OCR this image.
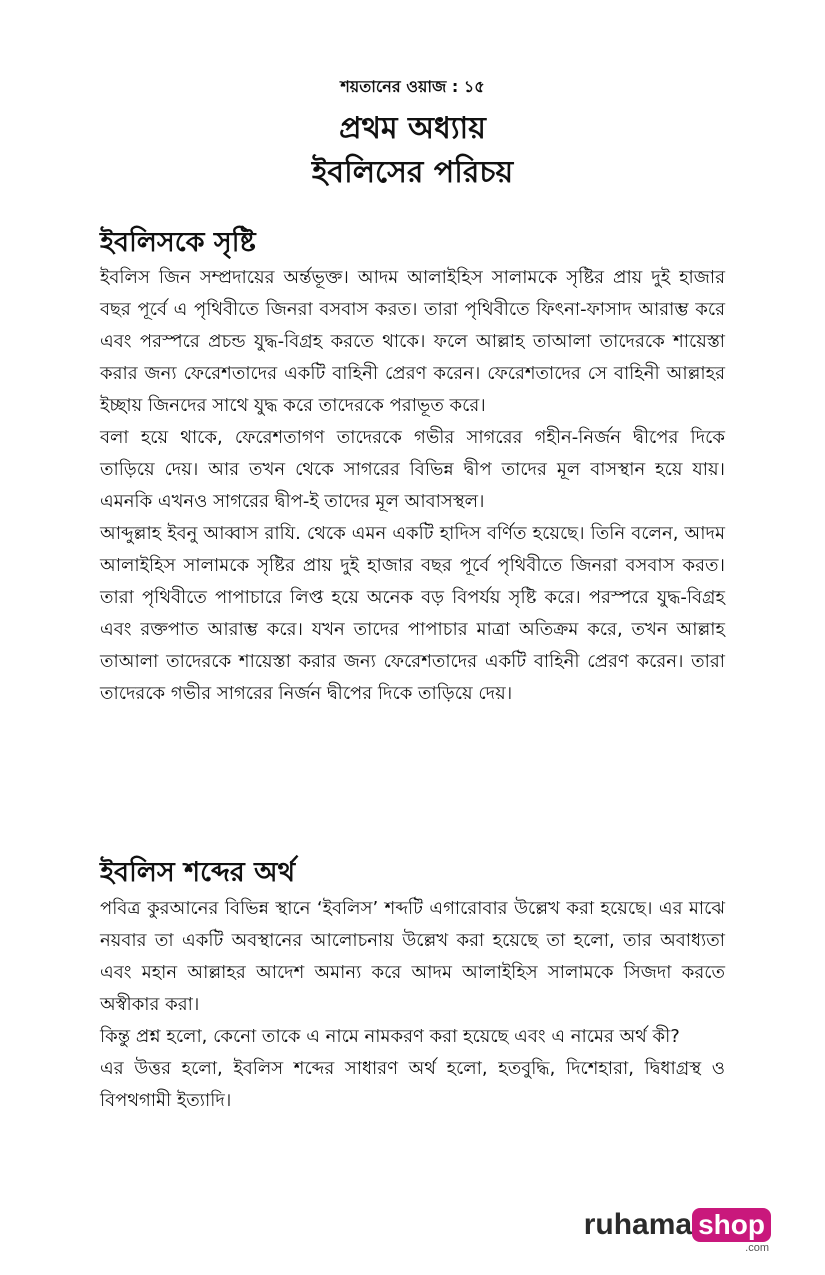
শয়তানের ওয়াজ : ১৫
প্রথম অধ্যায়
ইবলিসের পরিচয়
ইবলিসকে সৃষ্টি

ইবলিস জিন সম্প্রদায়ের অর্ন্তভূক্ত। আদম আলাইহিস সালামকে সৃষ্টির প্রায় দুই হাজার বছর পূর্বে এ পৃথিবীতে জিনরা বসবাস করত। তারা পৃথিবীতে ফিৎনা-ফাসাদ আরাম্ভ করে এবং পরস্পরে প্রচন্ড যুদ্ধ-বিগ্রহ করতে থাকে। ফলে আল্লাহ তাআলা তাদেরকে শায়েস্তা করার জন্য ফেরেশতাদের একটি বাহিনী প্রেরণ করেন। ফেরেশতাদের সে বাহিনী আল্লাহর ইচ্ছায় জিনদের সাথে যুদ্ধ করে তাদেরকে পরাভূত করে।

বলা হয়ে থাকে, ফেরেশতাগণ তাদেরকে গভীর সাগরের গহীন-নির্জন দ্বীপের দিকে তাড়িয়ে দেয়। আর তখন থেকে সাগরের বিভিন্ন দ্বীপ তাদের মূল বাসস্থান হয়ে যায়। এমনকি এখনও সাগরের দ্বীপ-ই তাদের মূল আবাসস্থল।

আব্দুল্লাহ ইবনু আব্বাস রাযি. থেকে এমন একটি হাদিস বর্ণিত হয়েছে। তিনি বলেন, আদম আলাইহিস সালামকে সৃষ্টির প্রায় দুই হাজার বছর পূর্বে পৃথিবীতে জিনরা বসবাস করত। তারা পৃথিবীতে পাপাচারে লিপ্ত হয়ে অনেক বড় বিপর্যয় সৃষ্টি করে। পরস্পরে যুদ্ধ-বিগ্রহ এবং রক্তপাত আরাম্ভ করে। যখন তাদের পাপাচার মাত্রা অতিক্রম করে, তখন আল্লাহ তাআলা তাদেরকে শায়েস্তা করার জন্য ফেরেশতাদের একটি বাহিনী প্রেরণ করেন। তারা তাদেরকে গভীর সাগরের নির্জন দ্বীপের দিকে তাড়িয়ে দেয়।

ইবলিস শব্দের অর্থ

পবিত্র কুরআনের বিভিন্ন স্থানে ‘ইবলিস’ শব্দটি এগারোবার উল্লেখ করা হয়েছে। এর মাঝে নয়বার তা একটি অবস্থানের আলোচনায় উল্লেখ করা হয়েছে তা হলো, তার অবাধ্যতা এবং মহান আল্লাহর আদেশ অমান্য করে আদম আলাইহিস সালামকে সিজদা করতে অস্বীকার করা।

কিন্তু প্রশ্ন হলো, কেনো তাকে এ নামে নামকরণ করা হয়েছে এবং এ নামের অর্থ কী?

এর উত্তর হলো, ইবলিস শব্দের সাধারণ অর্থ হলো, হতবুদ্ধি, দিশেহারা, দ্বিধাগ্রস্থ ও বিপথগামী ইত্যাদি।

ruhama shop
.com
